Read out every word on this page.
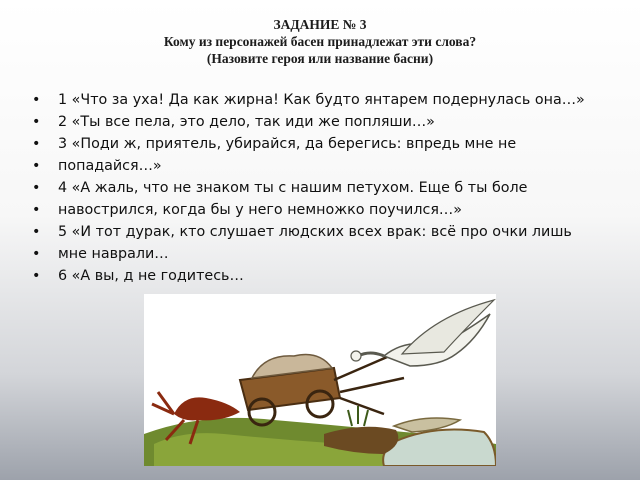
ЗАДАНИЕ № 3
Кому из персонажей басен принадлежат эти слова?
(Назовите героя или название басни)
• 1 «Что за уха! Да как жирна! Как будто янтарем подернулась она…»
• 2 «Ты все пела, это дело, так иди же попляши…»
• 3 «Поди ж, приятель, убирайся, да берегись: впредь мне не
• попадайся…»
• 4 «А жаль, что не знаком ты с нашим петухом. Еще б ты боле
• навострился, когда бы у него немножко поучился…»
• 5 «И тот дурак, кто слушает людских всех врак: всё про очки лишь
• мне наврали…
• 6 «А вы, д не годитесь…
